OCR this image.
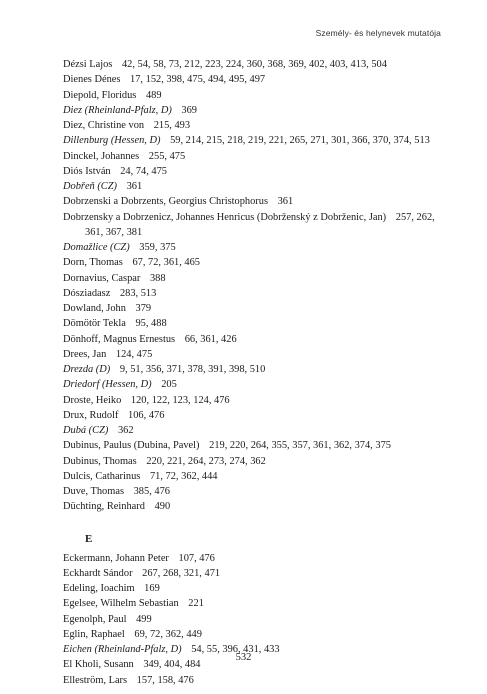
Személy- és helynevek mutatója

Dézsi Lajos 42, 54, 58, 73, 212, 223, 224, 360, 368, 369, 402, 403, 413, 504

Dienes Dénes 17, 152, 398, 475, 494, 495, 497

Diepold, Floridus 489

Diez (Rheinland-Pfalz, D) 369

Diez, Christine von 215, 493

Dillenburg (Hessen, D) 59, 214, 215, 218, 219, 221, 265, 271, 301, 366, 370, 374, 513

Dinckel, Johannes 255, 475

Diós István 24, 74, 475

Dobřeň (CZ) 361

Dobrzenski a Dobrzents, Georgius Christophorus 361

Dobrzensky a Dobrzenicz, Johannes Henricus (Dobrženský z Dobrženic, Jan) 257, 262, 361, 367, 381

Domažlice (CZ) 359, 375

Dorn, Thomas 67, 72, 361, 465

Dornavius, Caspar 388

Dósziadasz 283, 513

Dowland, John 379

Dömötör Tekla 95, 488

Dönhoff, Magnus Ernestus 66, 361, 426

Drees, Jan 124, 475

Drezda (D) 9, 51, 356, 371, 378, 391, 398, 510

Driedorf (Hessen, D) 205

Droste, Heiko 120, 122, 123, 124, 476

Drux, Rudolf 106, 476

Dubá (CZ) 362

Dubinus, Paulus (Dubina, Pavel) 219, 220, 264, 355, 357, 361, 362, 374, 375

Dubinus, Thomas 220, 221, 264, 273, 274, 362

Dulcis, Catharinus 71, 72, 362, 444

Duve, Thomas 385, 476

Düchting, Reinhard 490

E

Eckermann, Johann Peter 107, 476

Eckhardt Sándor 267, 268, 321, 471

Edeling, Ioachim 169

Egelsee, Wilhelm Sebastian 221

Egenolph, Paul 499

Eglin, Raphael 69, 72, 362, 449

Eichen (Rheinland-Pfalz, D) 54, 55, 396, 431, 433

El Kholi, Susann 349, 404, 484

Elleström, Lars 157, 158, 476

532
